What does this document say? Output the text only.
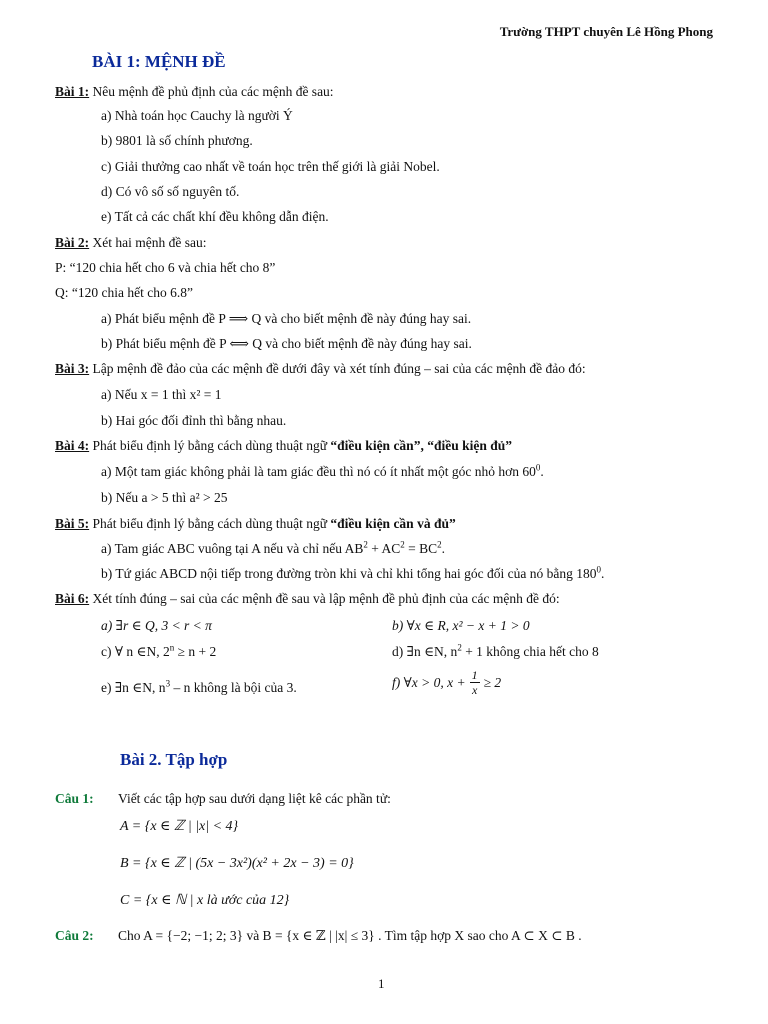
Trường THPT chuyên Lê Hồng Phong
BÀI 1: MỆNH ĐỀ
Bài 1: Nêu mệnh đề phủ định của các mệnh đề sau:
a) Nhà toán học Cauchy là người Ý
b) 9801 là số chính phương.
c) Giải thưởng cao nhất về toán học trên thế giới là giải Nobel.
d) Có vô số số nguyên tố.
e) Tất cả các chất khí đều không dẫn điện.
Bài 2: Xét hai mệnh đề sau:
P: “120 chia hết cho 6 và chia hết cho 8”
Q: “120 chia hết cho 6.8”
a) Phát biểu mệnh đề P ⟹ Q và cho biết mệnh đề này đúng hay sai.
b) Phát biểu mệnh đề P ⟺ Q và cho biết mệnh đề này đúng hay sai.
Bài 3: Lập mệnh đề đảo của các mệnh đề dưới đây và xét tính đúng – sai của các mệnh đề đảo đó:
a) Nếu x = 1 thì x² = 1
b) Hai góc đối đỉnh thì bằng nhau.
Bài 4: Phát biểu định lý bằng cách dùng thuật ngữ “điều kiện cần”, “điều kiện đủ”
a) Một tam giác không phải là tam giác đều thì nó có ít nhất một góc nhỏ hơn $60^0$.
b) Nếu a > 5 thì a² > 25
Bài 5: Phát biểu định lý bằng cách dùng thuật ngữ “điều kiện cần và đủ”
a) Tam giác ABC vuông tại A nếu và chỉ nếu $AB^2 + AC^2 = BC^2$.
b) Tứ giác ABCD nội tiếp trong đường tròn khi và chỉ khi tổng hai góc đối của nó bằng $180^0$.
Bài 6: Xét tính đúng – sai của các mệnh đề sau và lập mệnh đề phủ định của các mệnh đề đó:
a) ∃r ∈ Q, 3 < r < π	b) ∀x ∈ R, x² − x + 1 > 0
c) ∀ n ∈N, $2^n \ge n + 2$	d) ∃n ∈N, $n^2 + 1$ không chia hết cho 8
e) ∃n ∈N, $n^3$ – n không là bội của 3.	f) ∀x > 0, $x + \frac{1}{x} \ge 2$
Bài 2. Tập hợp
Câu 1: Viết các tập hợp sau dưới dạng liệt kê các phần tử:
A = {x ∈ ℤ | |x| < 4}
B = {x ∈ ℤ | (5x − 3x²)(x² + 2x − 3) = 0}
C = {x ∈ ℕ | x là ước của 12}
Câu 2: Cho A = {−2; −1; 2; 3} và B = {x ∈ ℤ | |x| ≤ 3} . Tìm tập hợp X sao cho A ⊂ X ⊂ B .
1
